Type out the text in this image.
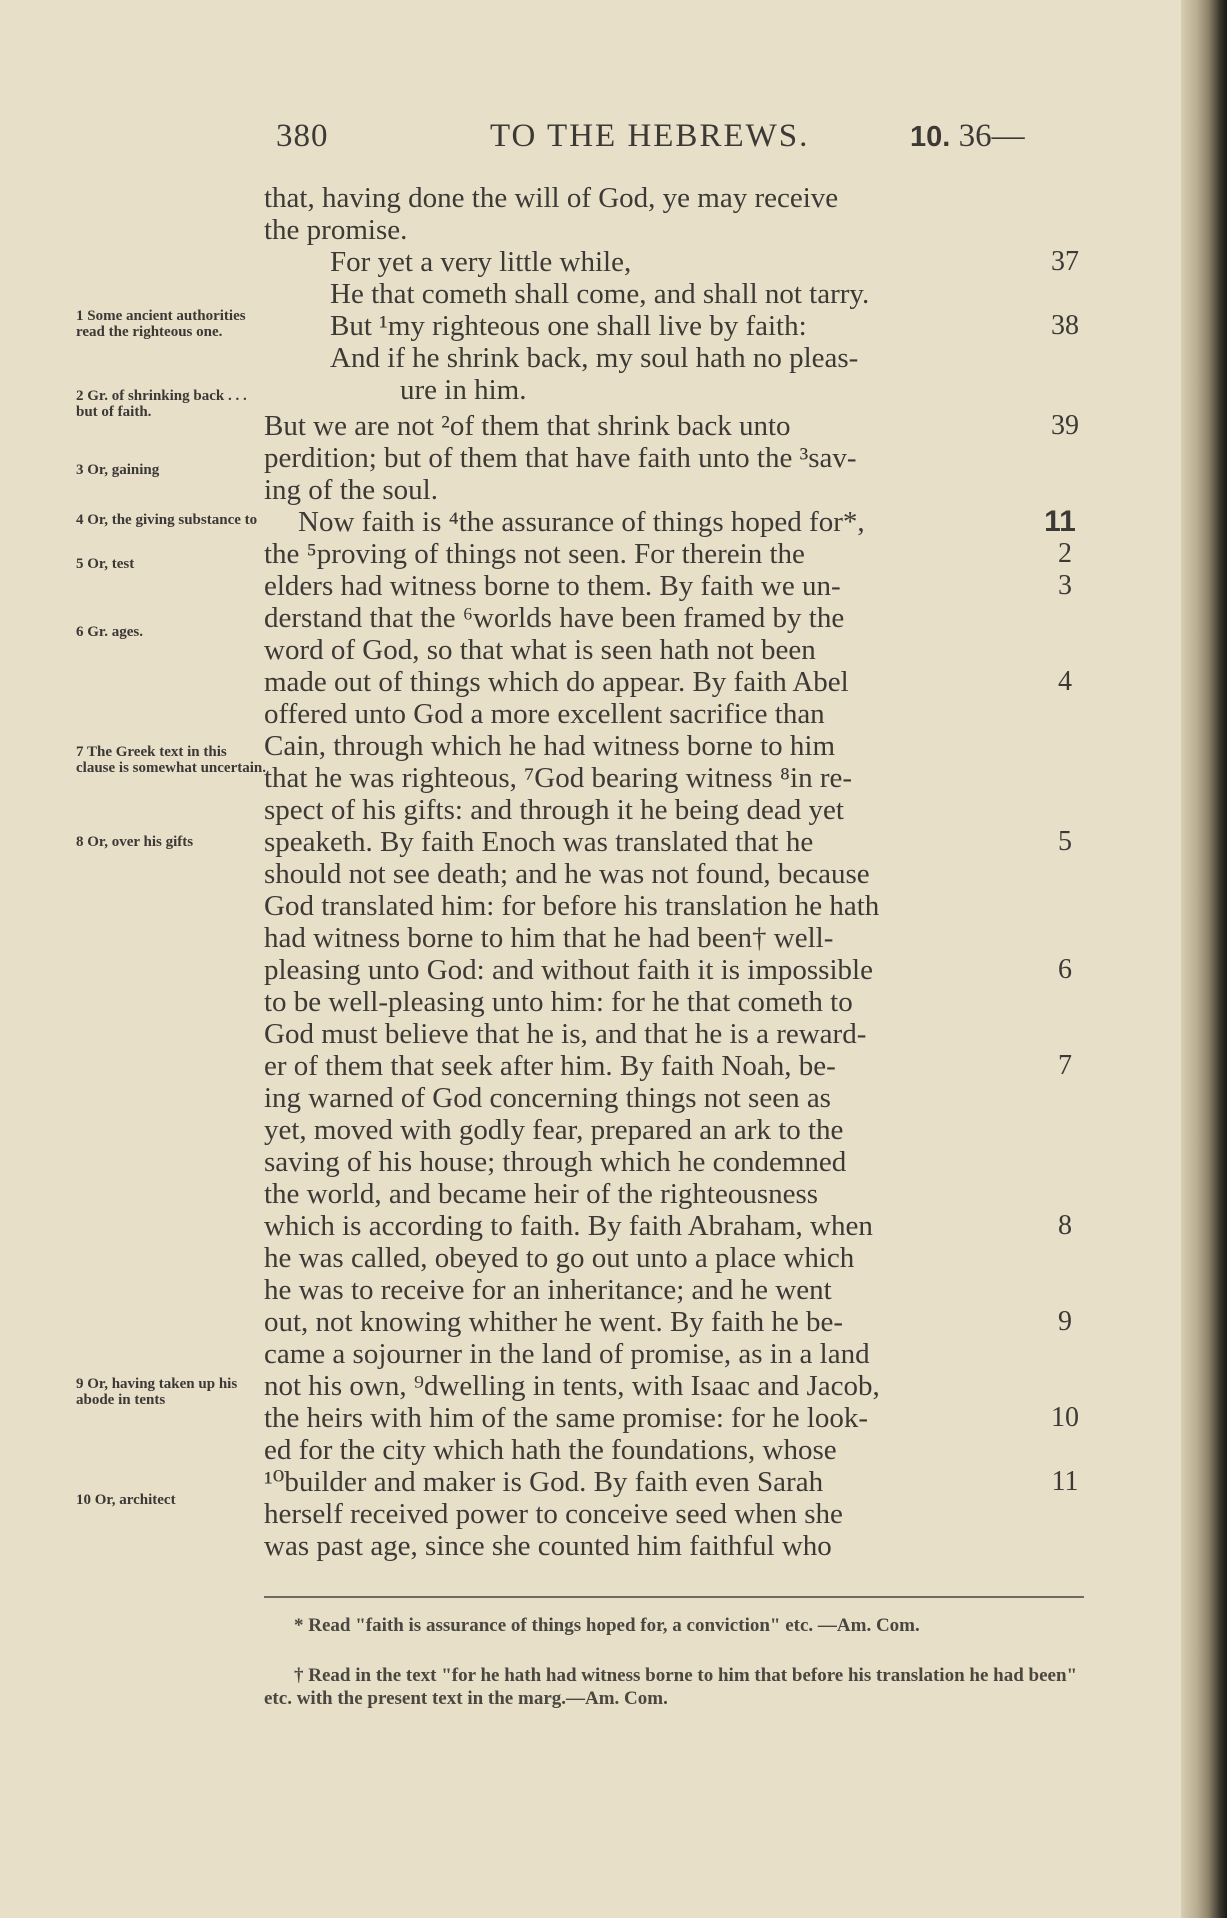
380	TO THE HEBREWS.	10. 36—
1 Some ancient authorities read the righteous one.
2 Gr. of shrinking back . . . but of faith.
3 Or, gaining
4 Or, the giving substance to
5 Or, test
6 Gr. ages.
7 The Greek text in this clause is somewhat uncertain.
8 Or, over his gifts
9 Or, having taken up his abode in tents
10 Or, architect
that, having done the will of God, ye may receive
the promise.
For yet a very little while,
He that cometh shall come, and shall not tarry.
But ¹my righteous one shall live by faith:
And if he shrink back, my soul hath no pleas-
ure in him.
But we are not ²of them that shrink back unto
perdition; but of them that have faith unto the ³sav-
ing of the soul.
Now faith is ⁴the assurance of things hoped for*,
the ⁵proving of things not seen. For therein the
elders had witness borne to them. By faith we un-
derstand that the ⁶worlds have been framed by the
word of God, so that what is seen hath not been
made out of things which do appear. By faith Abel
offered unto God a more excellent sacrifice than
Cain, through which he had witness borne to him
that he was righteous, ⁷God bearing witness ⁸in re-
spect of his gifts: and through it he being dead yet
speaketh. By faith Enoch was translated that he
should not see death; and he was not found, because
God translated him: for before his translation he hath
had witness borne to him that he had been† well-
pleasing unto God: and without faith it is impossible
to be well-pleasing unto him: for he that cometh to
God must believe that he is, and that he is a reward-
er of them that seek after him. By faith Noah, be-
ing warned of God concerning things not seen as
yet, moved with godly fear, prepared an ark to the
saving of his house; through which he condemned
the world, and became heir of the righteousness
which is according to faith. By faith Abraham, when
he was called, obeyed to go out unto a place which
he was to receive for an inheritance; and he went
out, not knowing whither he went. By faith he be-
came a sojourner in the land of promise, as in a land
not his own, ⁹dwelling in tents, with Isaac and Jacob,
the heirs with him of the same promise: for he look-
ed for the city which hath the foundations, whose
¹⁰builder and maker is God. By faith even Sarah
herself received power to conceive seed when she
was past age, since she counted him faithful who
37
38
39
11
2
3
4
5
6
7
8
9
10
11
* Read "faith is assurance of things hoped for, a conviction" etc. —Am. Com.
† Read in the text "for he hath had witness borne to him that before his translation he had been" etc. with the present text in the marg.—Am. Com.
